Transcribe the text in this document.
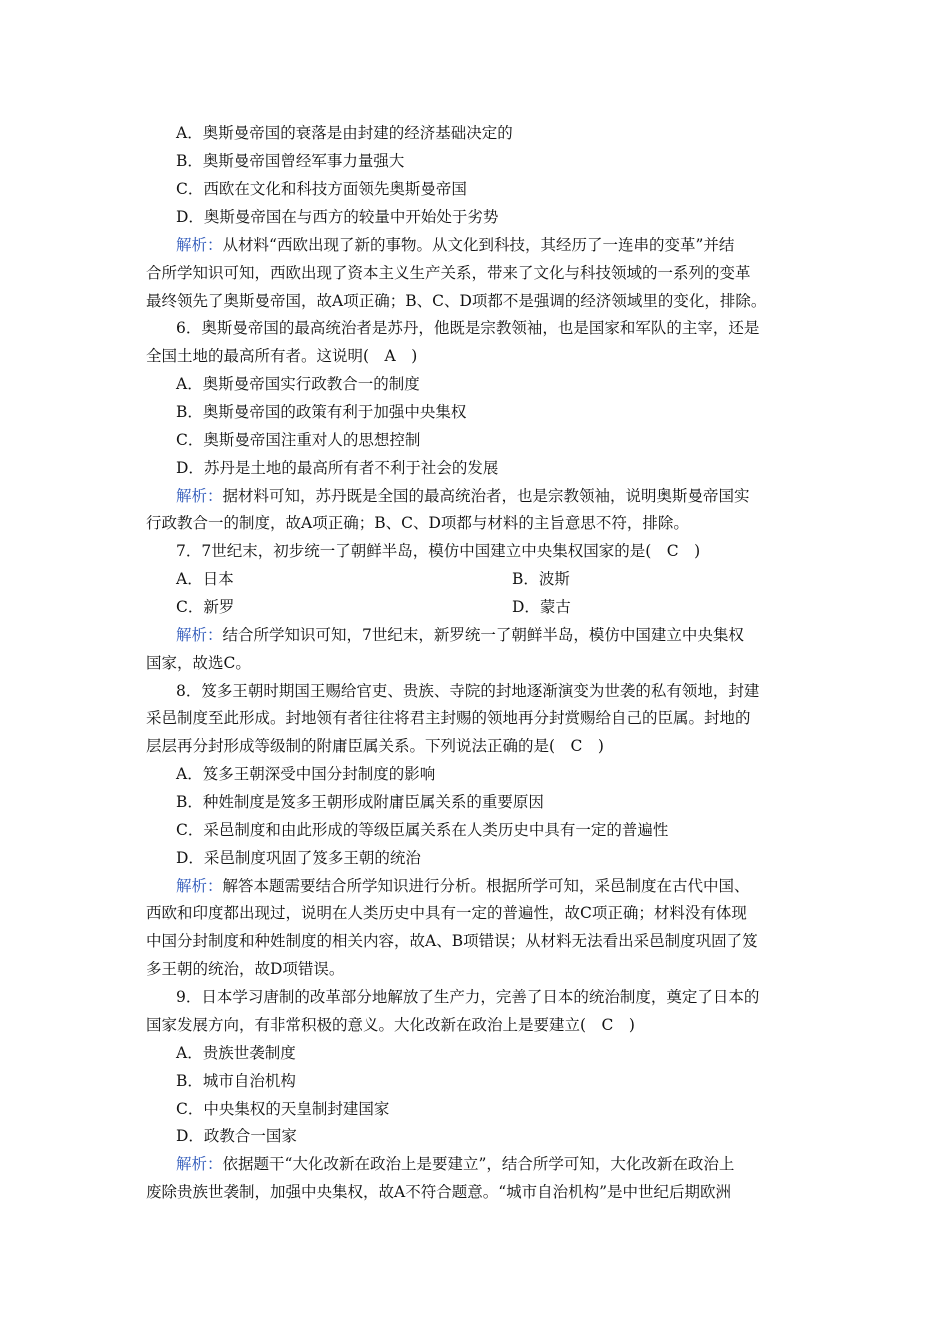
A．奥斯曼帝国的衰落是由封建的经济基础决定的
B．奥斯曼帝国曾经军事力量强大
C．西欧在文化和科技方面领先奥斯曼帝国
D．奥斯曼帝国在与西方的较量中开始处于劣势
解析：从材料“西欧出现了新的事物。从文化到科技，其经历了一连串的变革”并结
合所学知识可知，西欧出现了资本主义生产关系，带来了文化与科技领域的一系列的变革
最终领先了奥斯曼帝国，故A项正确；B、C、D项都不是强调的经济领域里的变化，排除。
6．奥斯曼帝国的最高统治者是苏丹，他既是宗教领袖，也是国家和军队的主宰，还是
全国土地的最高所有者。这说明(　A　)
A．奥斯曼帝国实行政教合一的制度
B．奥斯曼帝国的政策有利于加强中央集权
C．奥斯曼帝国注重对人的思想控制
D．苏丹是土地的最高所有者不利于社会的发展
解析：据材料可知，苏丹既是全国的最高统治者，也是宗教领袖，说明奥斯曼帝国实
行政教合一的制度，故A项正确；B、C、D项都与材料的主旨意思不符，排除。
7．7世纪末，初步统一了朝鲜半岛，模仿中国建立中央集权国家的是(　C　)
A．日本	B．波斯
C．新罗	D．蒙古
解析：结合所学知识可知，7世纪末，新罗统一了朝鲜半岛，模仿中国建立中央集权
国家，故选C。
8．笈多王朝时期国王赐给官吏、贵族、寺院的封地逐渐演变为世袭的私有领地，封建
采邑制度至此形成。封地领有者往往将君主封赐的领地再分封赏赐给自己的臣属。封地的
层层再分封形成等级制的附庸臣属关系。下列说法正确的是(　C　)
A．笈多王朝深受中国分封制度的影响
B．种姓制度是笈多王朝形成附庸臣属关系的重要原因
C．采邑制度和由此形成的等级臣属关系在人类历史中具有一定的普遍性
D．采邑制度巩固了笈多王朝的统治
解析：解答本题需要结合所学知识进行分析。根据所学可知，采邑制度在古代中国、
西欧和印度都出现过，说明在人类历史中具有一定的普遍性，故C项正确；材料没有体现
中国分封制度和种姓制度的相关内容，故A、B项错误；从材料无法看出采邑制度巩固了笈
多王朝的统治，故D项错误。
9．日本学习唐制的改革部分地解放了生产力，完善了日本的统治制度，奠定了日本的
国家发展方向，有非常积极的意义。大化改新在政治上是要建立(　C　)
A．贵族世袭制度
B．城市自治机构
C．中央集权的天皇制封建国家
D．政教合一国家
解析：依据题干“大化改新在政治上是要建立”，结合所学可知，大化改新在政治上
废除贵族世袭制，加强中央集权，故A不符合题意。“城市自治机构”是中世纪后期欧洲
